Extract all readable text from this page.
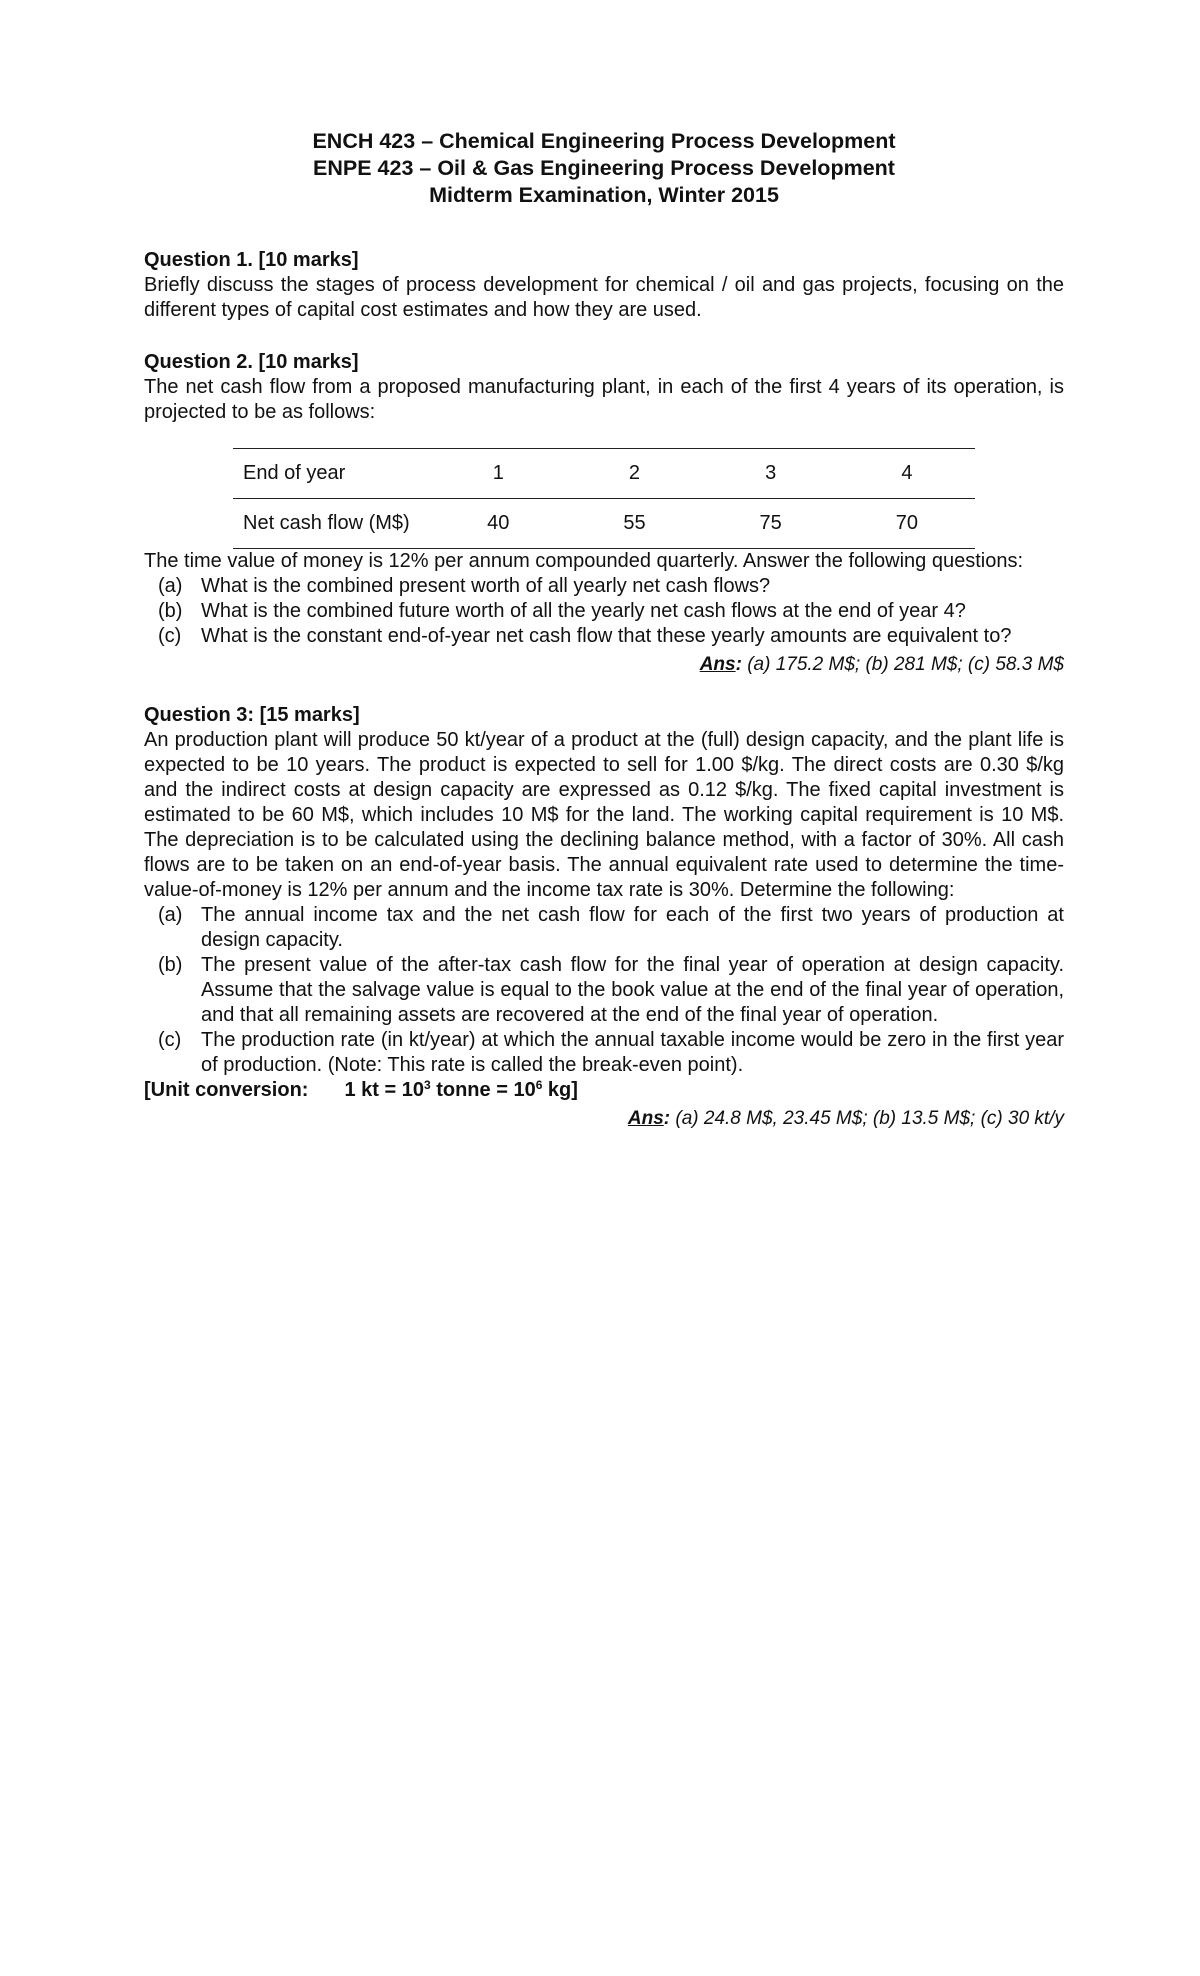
ENCH 423 – Chemical Engineering Process Development
ENPE 423 – Oil & Gas Engineering Process Development
Midterm Examination, Winter 2015
Question 1. [10 marks]

Briefly discuss the stages of process development for chemical / oil and gas projects, focusing on the different types of capital cost estimates and how they are used.

Question 2. [10 marks]

The net cash flow from a proposed manufacturing plant, in each of the first 4 years of its operation, is projected to be as follows:

End of year	1	2	3	4
Net cash flow (M$)	40	55	75	70

The time value of money is 12% per annum compounded quarterly. Answer the following questions:

(a) What is the combined present worth of all yearly net cash flows?
(b) What is the combined future worth of all the yearly net cash flows at the end of year 4?
(c) What is the constant end-of-year net cash flow that these yearly amounts are equivalent to?
Ans: (a) 175.2 M$; (b) 281 M$; (c) 58.3 M$
Question 3: [15 marks]

An production plant will produce 50 kt/year of a product at the (full) design capacity, and the plant life is expected to be 10 years. The product is expected to sell for 1.00 $/kg. The direct costs are 0.30 $/kg and the indirect costs at design capacity are expressed as 0.12 $/kg. The fixed capital investment is estimated to be 60 M$, which includes 10 M$ for the land. The working capital requirement is 10 M$. The depreciation is to be calculated using the declining balance method, with a factor of 30%. All cash flows are to be taken on an end-of-year basis. The annual equivalent rate used to determine the time-value-of-money is 12% per annum and the income tax rate is 30%. Determine the following:

(a) The annual income tax and the net cash flow for each of the first two years of production at design capacity.
(b) The present value of the after-tax cash flow for the final year of operation at design capacity. Assume that the salvage value is equal to the book value at the end of the final year of operation, and that all remaining assets are recovered at the end of the final year of operation.
(c) The production rate (in kt/year) at which the annual taxable income would be zero in the first year of production. (Note: This rate is called the break-even point).
[Unit conversion: 1 kt = $10^3$ tonne = $10^6$ kg]
Ans: (a) 24.8 M$, 23.45 M$; (b) 13.5 M$; (c) 30 kt/y
